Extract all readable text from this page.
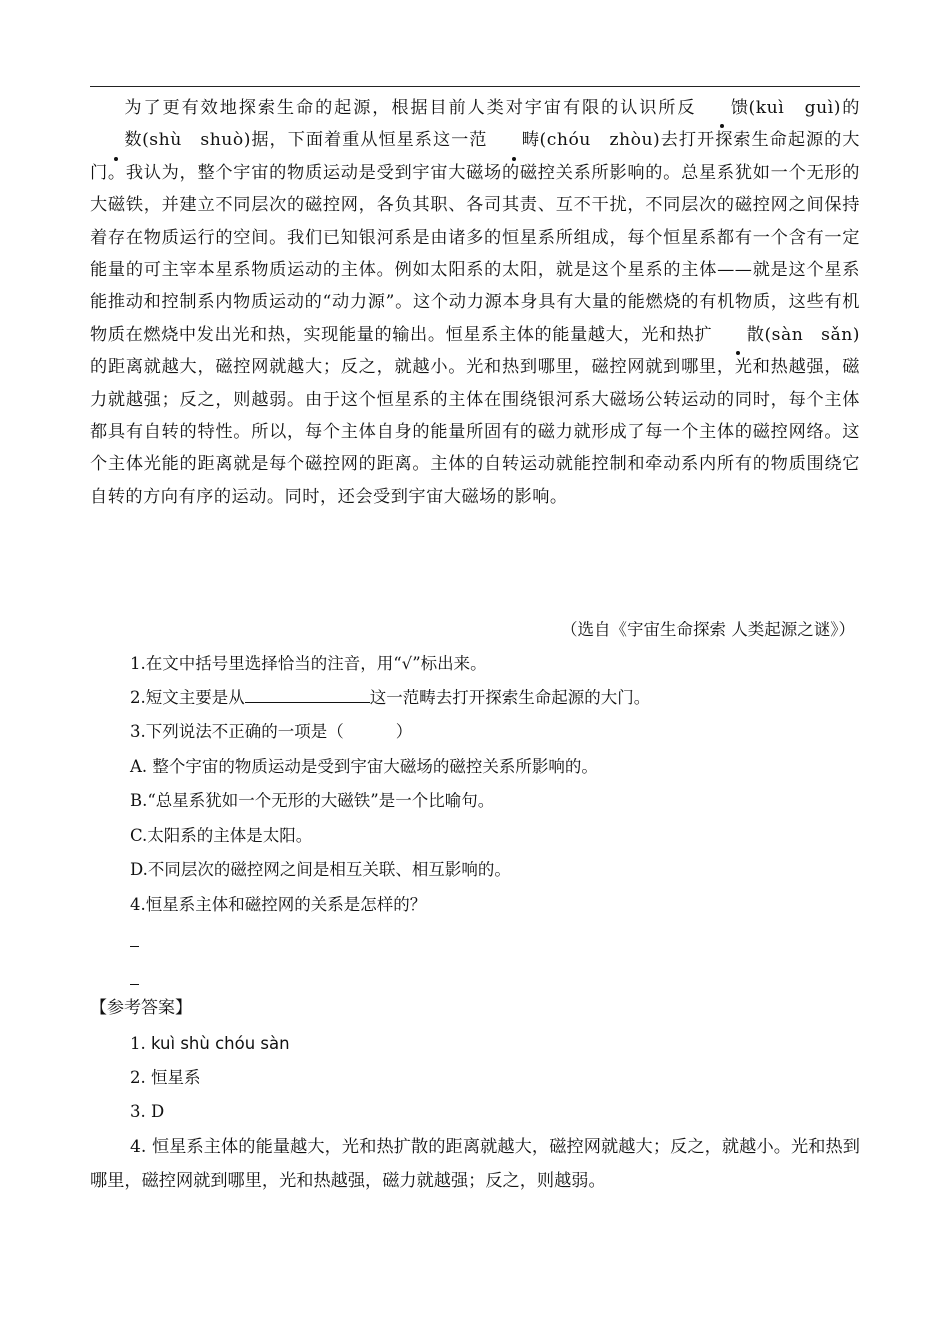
为了更有效地探索生命的起源，根据目前人类对宇宙有限的认识所反 馈(kuì　guì)的数(shù　shuò)据，下面着重从恒星系这一范 畴(chóu　zhòu)去打开探索生命起源的大门。我认为，整个宇宙的物质运动是受到宇宙大磁场的磁控关系所影响的。总星系犹如一个无形的大磁铁，并建立不同层次的磁控网，各负其职、各司其责、互不干扰，不同层次的磁控网之间保持着存在物质运行的空间。我们已知银河系是由诸多的恒星系所组成，每个恒星系都有一个含有一定能量的可主宰本星系物质运动的主体。例如太阳系的太阳，就是这个星系的主体——就是这个星系能推动和控制系内物质运动的“动力源”。这个动力源本身具有大量的能燃烧的有机物质，这些有机物质在燃烧中发出光和热，实现能量的输出。恒星系主体的能量越大，光和热扩 散(sàn　sǎn)的距离就越大，磁控网就越大；反之，就越小。光和热到哪里，磁控网就到哪里，光和热越强，磁力就越强；反之，则越弱。由于这个恒星系的主体在围绕银河系大磁场公转运动的同时，每个主体都具有自转的特性。所以，每个主体自身的能量所固有的磁力就形成了每一个主体的磁控网络。这个主体光能的距离就是每个磁控网的距离。主体的自转运动就能控制和牵动系内所有的物质围绕它自转的方向有序的运动。同时，还会受到宇宙大磁场的影响。

（选自《宇宙生命探索 人类起源之谜》）
1.在文中括号里选择恰当的注音，用“√”标出来。
2.短文主要是从	这一范畴去打开探索生命起源的大门。
3.下列说法不正确的一项是（	）
A. 整个宇宙的物质运动是受到宇宙大磁场的磁控关系所影响的。
B.“总星系犹如一个无形的大磁铁”是一个比喻句。
C.太阳系的主体是太阳。
D.不同层次的磁控网之间是相互关联、相互影响的。
4.恒星系主体和磁控网的关系是怎样的？
【参考答案】
1. kuì shù chóu sàn
2. 恒星系
3. D
4. 恒星系主体的能量越大，光和热扩散的距离就越大，磁控网就越大；反之，就越小。光和热到哪里，磁控网就到哪里，光和热越强，磁力就越强；反之，则越弱。
